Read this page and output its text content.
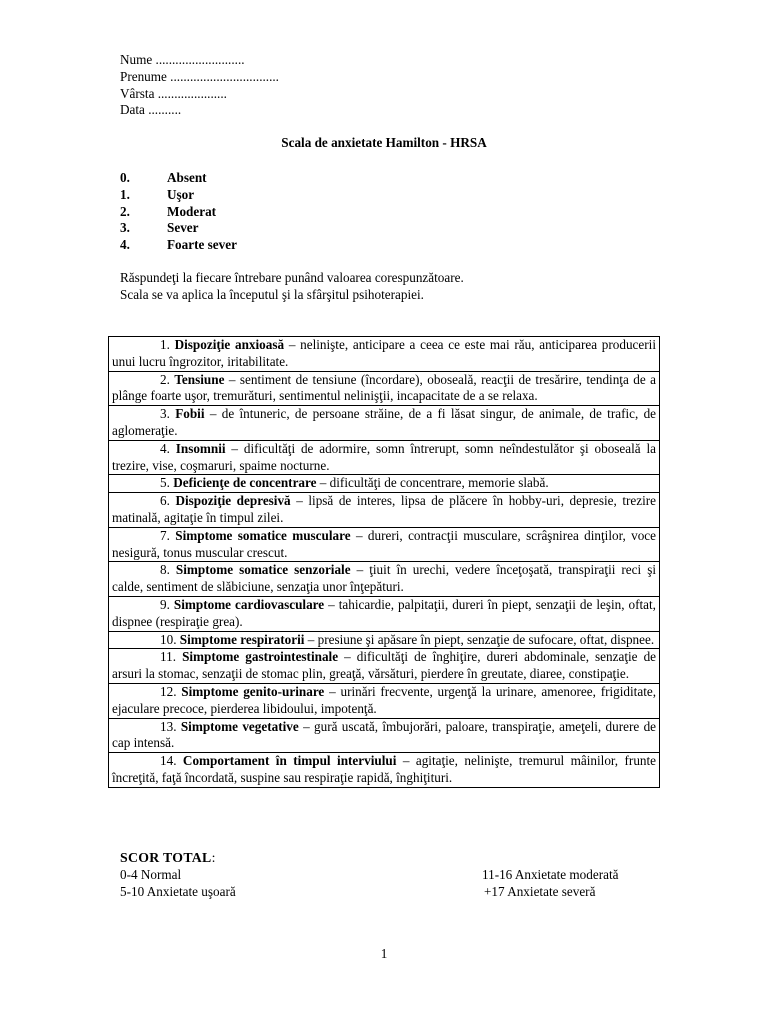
Nume ...........................
Prenume .................................
Vârsta .....................
Data ..........
Scala de anxietate Hamilton - HRSA
0.	Absent
1.	Uşor
2.	Moderat
3.	Sever
4.	Foarte sever
Răspundeţi la fiecare întrebare punând valoarea corespunzătoare.
Scala se va aplica la începutul şi la sfârşitul psihoterapiei.
1. Dispoziţie anxioasă – nelinişte, anticipare a ceea ce este mai rău, anticiparea producerii unui lucru îngrozitor, iritabilitate.
2. Tensiune – sentiment de tensiune (încordare), oboseală, reacţii de tresărire, tendinţa de a plânge foarte uşor, tremurături, sentimentul nelinişţii, incapacitate de a se relaxa.
3. Fobii – de întuneric, de persoane străine, de a fi lăsat singur, de animale, de trafic, de aglomeraţie.
4. Insomnii – dificultăţi de adormire, somn întrerupt, somn neîndestulător şi oboseală la trezire, vise, coşmaruri, spaime nocturne.
5. Deficienţe de concentrare – dificultăţi de concentrare, memorie slabă.
6. Dispoziţie depresivă – lipsă de interes, lipsa de plăcere în hobby-uri, depresie, trezire matinală, agitaţie în timpul zilei.
7. Simptome somatice musculare – dureri, contracţii musculare, scrâşnirea dinţilor, voce nesigură, tonus muscular crescut.
8. Simptome somatice senzoriale – ţiuit în urechi, vedere înceţoşată, transpiraţii reci şi calde, sentiment de slăbiciune, senzaţia unor înţepături.
9. Simptome cardiovasculare – tahicardie, palpitaţii, dureri în piept, senzaţii de leşin, oftat, dispnee (respiraţie grea).
10. Simptome respiratorii – presiune şi apăsare în piept, senzaţie de sufocare, oftat, dispnee.
11. Simptome gastrointestinale – dificultăţi de înghiţire, dureri abdominale, senzaţie de arsuri la stomac, senzaţii de stomac plin, greaţă, vărsături, pierdere în greutate, diaree, constipaţie.
12. Simptome genito-urinare – urinări frecvente, urgenţă la urinare, amenoree, frigiditate, ejaculare precoce, pierderea libidoului, impotenţă.
13. Simptome vegetative – gură uscată, îmbujorări, paloare, transpiraţie, ameţeli, durere de cap intensă.
14. Comportament în timpul interviului – agitaţie, nelinişte, tremurul mâinilor, frunte încreţită, faţă încordată, suspine sau respiraţie rapidă, înghiţituri.
SCOR TOTAL:
0-4 Normal	11-16 Anxietate moderată
5-10 Anxietate uşoară	+17 Anxietate severă
1
